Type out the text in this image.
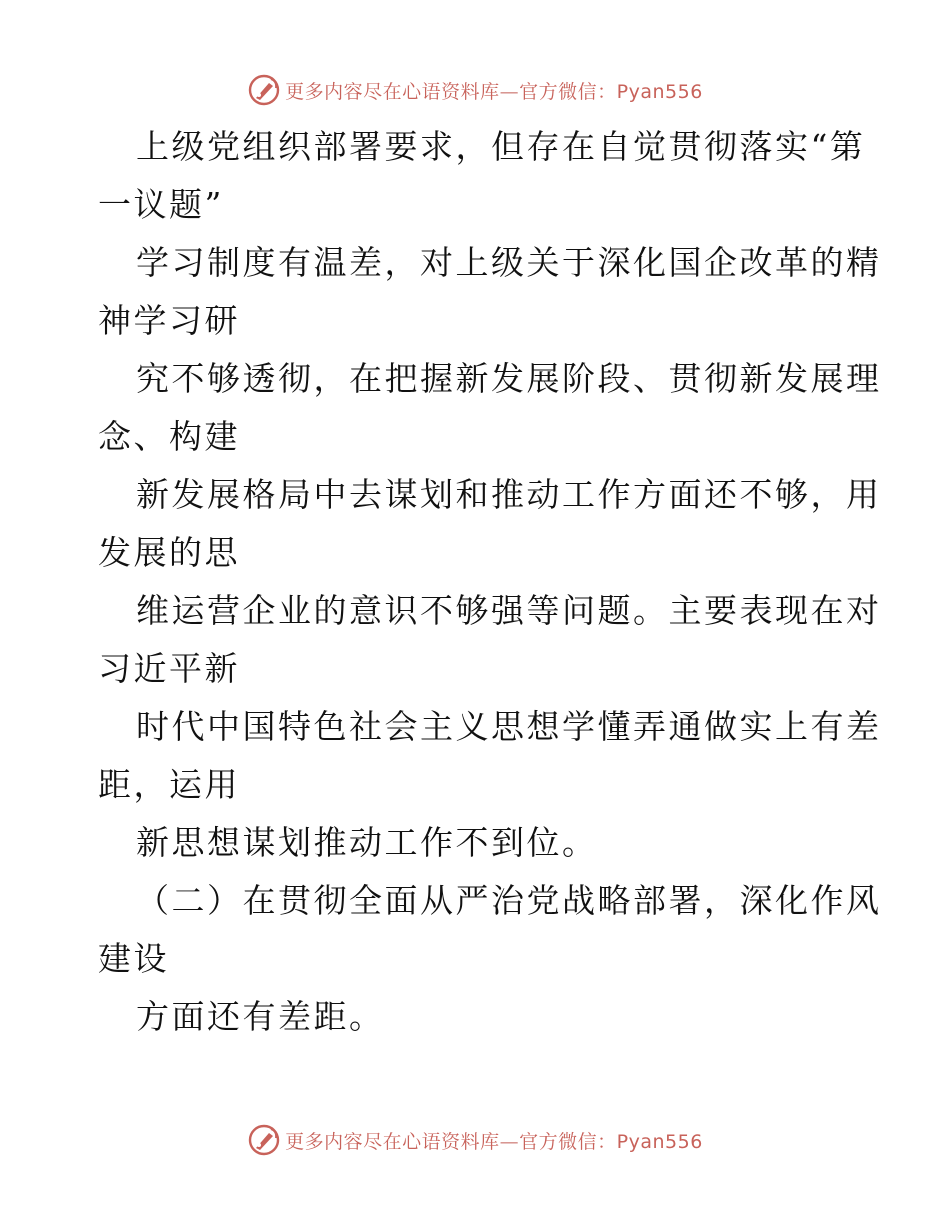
更多内容尽在心语资料库—官方微信：Pyan556
上级党组织部署要求，但存在自觉贯彻落实“第
一议题”
学习制度有温差，对上级关于深化国企改革的精
神学习研
究不够透彻，在把握新发展阶段、贯彻新发展理
念、构建
新发展格局中去谋划和推动工作方面还不够，用
发展的思
维运营企业的意识不够强等问题。主要表现在对
习近平新
时代中国特色社会主义思想学懂弄通做实上有差
距，运用
新思想谋划推动工作不到位。
（二）在贯彻全面从严治党战略部署，深化作风
建设
方面还有差距。
更多内容尽在心语资料库—官方微信：Pyan556
